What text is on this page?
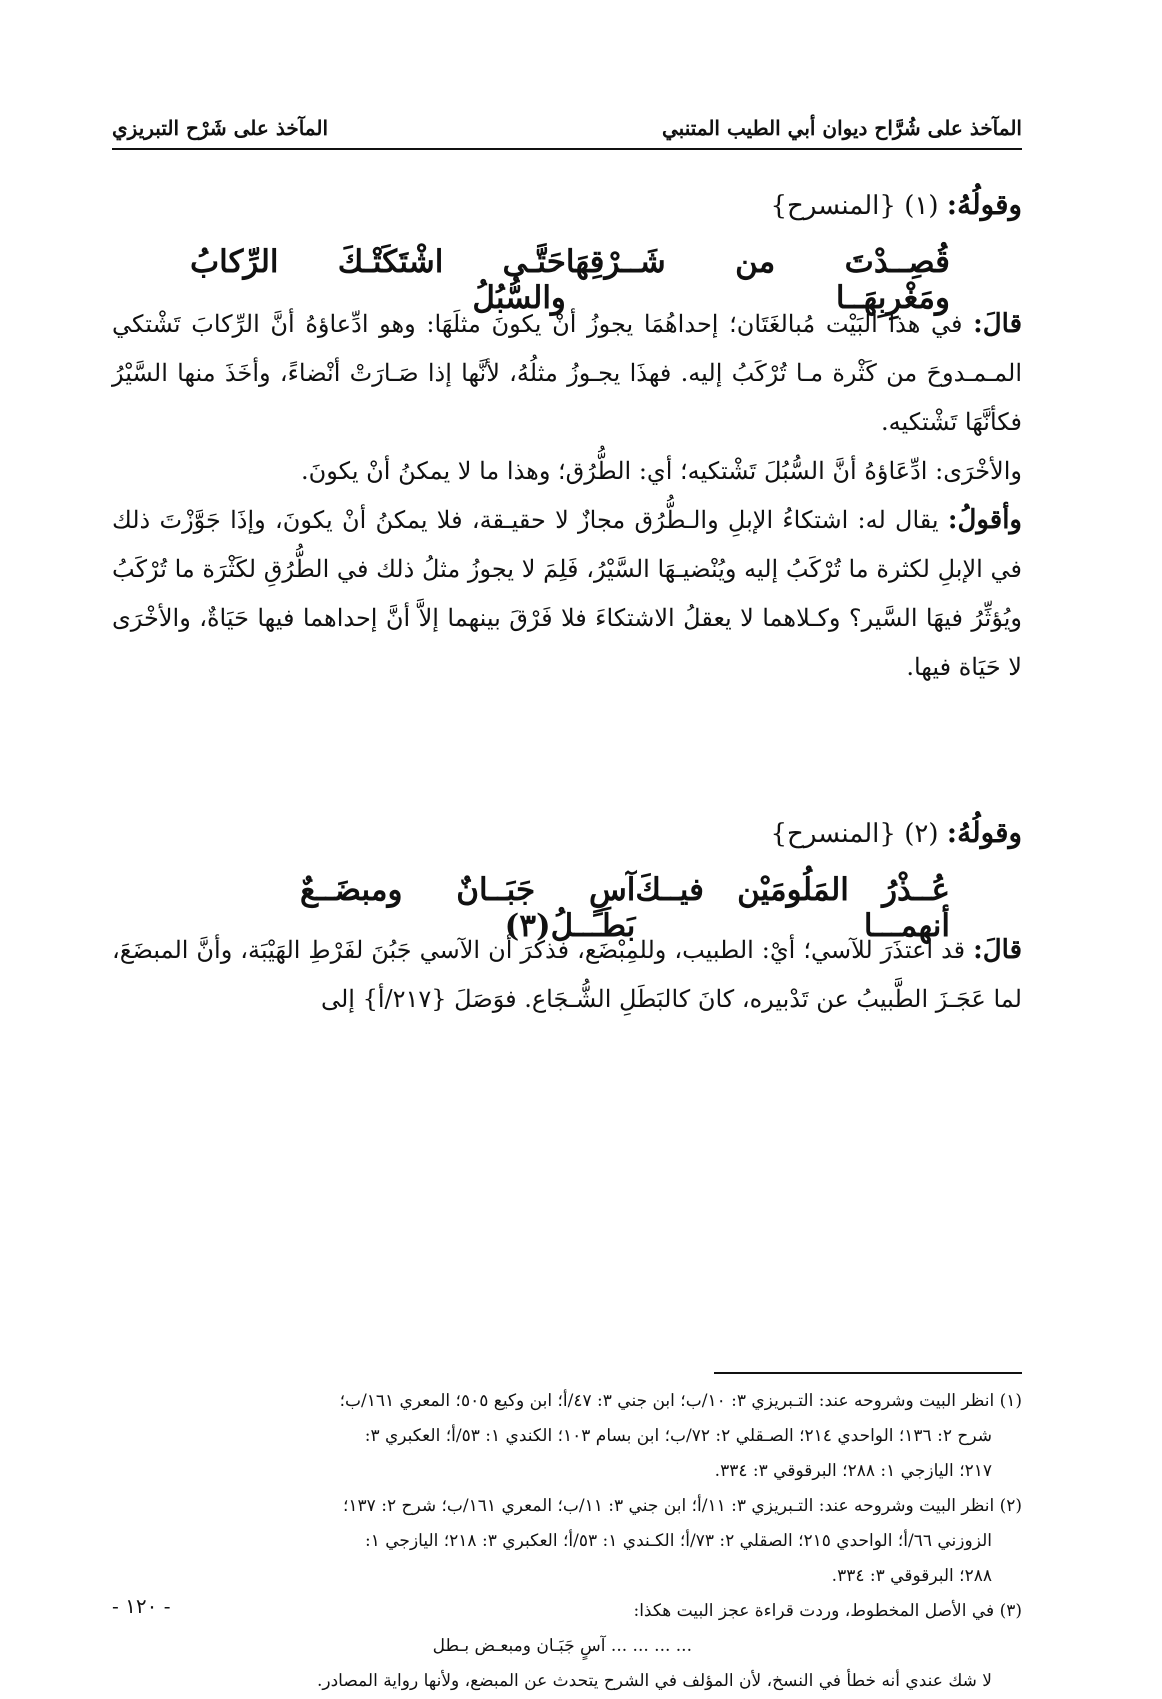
المآخذ على شُرَّاح ديوان أبي الطيب المتنبي
المآخذ على شَرْح التبريزي

وقولُهُ: (١) {المنسرح}

قُصِــدْتَ من شَــرْقِهَا ومَغْرِبِهَــا
حَتَّـى اشْتَكَتْـكَ الرِّكابُ والسُّبُلُ

قالَ: في هذا البَيْت مُبالغَتَان؛ إحداهُمَا يجوزُ أنْ يكونَ مثلَهَا: وهو ادِّعاؤهُ أنَّ الرِّكابَ تَشْتكي المـمـدوحَ من كَثْرة مـا تُرْكَبُ إليه. فهذَا يجـوزُ مثلُهُ، لأنَّها إذا صَـارَتْ أنْضاءً، وأخَذَ منها السَّيْرُ فكأنَّهَا تَشْتكيه.

والأخْرَى: ادِّعَاؤهُ أنَّ السُّبُلَ تَشْتكيه؛ أي: الطُّرُق؛ وهذا ما لا يمكنُ أنْ يكونَ.

وأقولُ: يقال له: اشتكاءُ الإبلِ والـطُّرُق مجازٌ لا حقيـقة، فلا يمكنُ أنْ يكونَ، وإذَا جَوَّزْتَ ذلك في الإبلِ لكثرة ما تُرْكَبُ إليه ويُنْضيـهَا السَّيْرُ، فَلِمَ لا يجوزُ مثلُ ذلك في الطُّرُقِ لكَثْرَة ما تُرْكَبُ ويُؤثِّرُ فيهَا السَّير؟ وكـلاهما لا يعقلُ الاشتكاءَ فلا فَرْقَ بينهما إلاَّ أنَّ إحداهما فيها حَيَاةٌ، والأخْرَى لا حَيَاة فيها.

وقولُهُ: (٢) {المنسرح}

عُــذْرُ المَلُومَيْن فيــكَ أنهمـــا
آسٍ جَبَــانٌ ومبضَــعٌ بَطَـــلُ(٣)

قالَ: قد اعتذَرَ للآسي؛ أيْ: الطبيب، وللمِبْضَع، فذكرَ أن الآسي جَبُنَ لفَرْطِ الهَيْبَة، وأنَّ المبضَعَ، لما عَجَـزَ الطَّبيبُ عن تَدْبيره، كانَ كالبَطَلِ الشُّـجَاع. فوَصَلَ {٢١٧/أ} إلى

(١) انظر البيت وشروحه عند: التـبريزي ٣: ١٠/ب؛ ابن جني ٣: ٤٧/أ؛ ابن وكيع ٥٠٥؛ المعري ١٦١/ب؛

شرح ٢: ١٣٦؛ الواحدي ٢١٤؛ الصـقلي ٢: ٧٢/ب؛ ابن بسام ١٠٣؛ الكندي ١: ٥٣/أ؛ العكبري ٣:

٢١٧؛ اليازجي ١: ٢٨٨؛ البرقوقي ٣: ٣٣٤.

(٢) انظر البيت وشروحه عند: التـبريزي ٣: ١١/أ؛ ابن جني ٣: ١١/ب؛ المعري ١٦١/ب؛ شرح ٢: ١٣٧؛

الزوزني ٦٦/أ؛ الواحدي ٢١٥؛ الصقلي ٢: ٧٣/أ؛ الكـندي ١: ٥٣/أ؛ العكبري ٣: ٢١٨؛ اليازجي ١:

٢٨٨؛ البرقوقي ٣: ٣٣٤.

(٣) في الأصل المخطوط، وردت قراءة عجز البيت هكذا:

... ... ... ... آسٍ جَبَـان ومبعـض بـطل

لا شك عندي أنه خطأ في النسخ، لأن المؤلف في الشرح يتحدث عن المبضع، ولأنها رواية المصادر.

- ١٢٠ -
